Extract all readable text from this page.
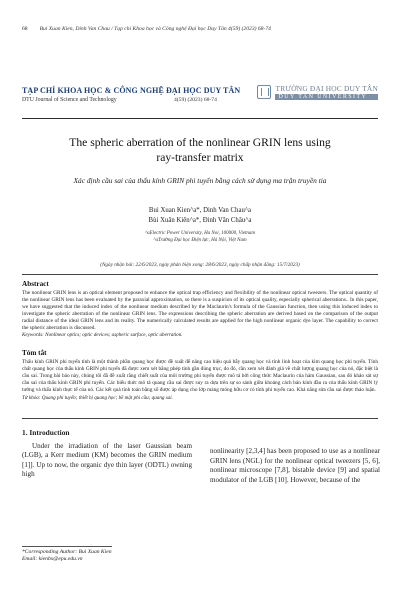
68 Bui Xuan Kien, Dinh Van Chau / Tạp chí Khoa học và Công nghệ Đại học Duy Tân 4(59) (2023) 68-74
TẠP CHÍ KHOA HỌC & CÔNG NGHỆ ĐẠI HỌC DUY TÂN
DTU Journal of Science and Technology	4(59) (2023) 68-74
TRƯỜNG ĐẠI HỌC DUY TÂN
DUY TAN UNIVERSITY
The spheric aberration of the nonlinear GRIN lens using
ray-transfer matrix
Xác định cầu sai của thấu kính GRIN phi tuyến bằng cách sử dụng ma trận truyền tia
Bui Xuan Kien^a*, Dinh Van Chau^a
Bùi Xuân Kiên^a*, Đinh Văn Châu^a
^aElectric Power University, Ha Noi, 100000, Vietnam
^aTrường Đại học Điện lực, Hà Nội, Việt Nam
(Ngày nhận bài: 22/6/2023, ngày phản biện xong: 28/6/2023, ngày chấp nhận đăng: 15/7/2023)
Abstract

The nonlinear GRIN lens is an optical element proposed to enhance the optical trap efficiency and flexibility of the nonlinear optical tweezers. The optical quantity of the nonlinear GRIN lens has been evaluated by the paraxial approximation, so there is a suspicion of its optical quality, especially spherical aberrations.. In this paper, we have suggested that the induced index of the nonlinear medium described by the Maclaurin's formula of the Gaussian function, then using this induced index to investigate the spheric aberration of the nonlinear GRIN lens. The expressions describing the spheric aberration are derived based on the comparison of the output radial distance of the ideal GRIN lens and its reality. The numerically calculated results are applied for the high nonlinear organic dye layer. The capability to correct the spheric aberration is discussed.

Keywords: Nonlinear optics; optic devices; aspheric surface, optic aberration.
Tóm tắt

Thấu kính GRIN phi tuyến tính là một thành phần quang học được đề xuất để nâng cao hiệu quả bẫy quang học và tính linh hoạt của kìm quang học phi tuyến. Tính chất quang học của thấu kính GRIN phi tuyến đã được xem xét bằng phép tính gần đúng trục, do đó, cần xem xét đánh giá về chất lượng quang học của nó, đặc biệt là cầu sai. Trong bài báo này, chúng tôi đã đề xuất rằng chiết suất của môi trường phi tuyến được mô tả bởi công thức Maclaurin của hàm Gaussian, sau đó khảo sát sự cầu sai của thấu kính GRIN phi tuyến. Các biểu thức mô tả quang cầu sai được suy ra dựa trên sự so sánh giữa khoảng cách bán kính đầu ra của thấu kính GRIN lý tưởng và thấu kính thực tế của nó. Các kết quả tính toán bằng số được áp dụng cho lớp màng mỏng hữu cơ có tính phi tuyến cao. Khả năng sửa cầu sai được thảo luận.

Từ khóa: Quang phi tuyến; thiết bị quang học; bề mặt phi cầu; quang sai.
1. Introduction

Under the irradiation of the laser Gaussian beam (LGB), a Kerr medium (KM) becomes the GRIN medium [1]]. Up to now, the organic dye thin layer (ODTL) owning high

nonlinearity [2,3,4] has been proposed to use as a nonlinear GRIN lens (NGL) for the nonlinear optical tweezers [5, 6], nonlinear microscope [7,8], bistable device [9] and spatial modulator of the LGB [10]. However, because of the

*Corresponding Author: Bui Xuan Kien
Email: kienbx@epu.edu.vn
